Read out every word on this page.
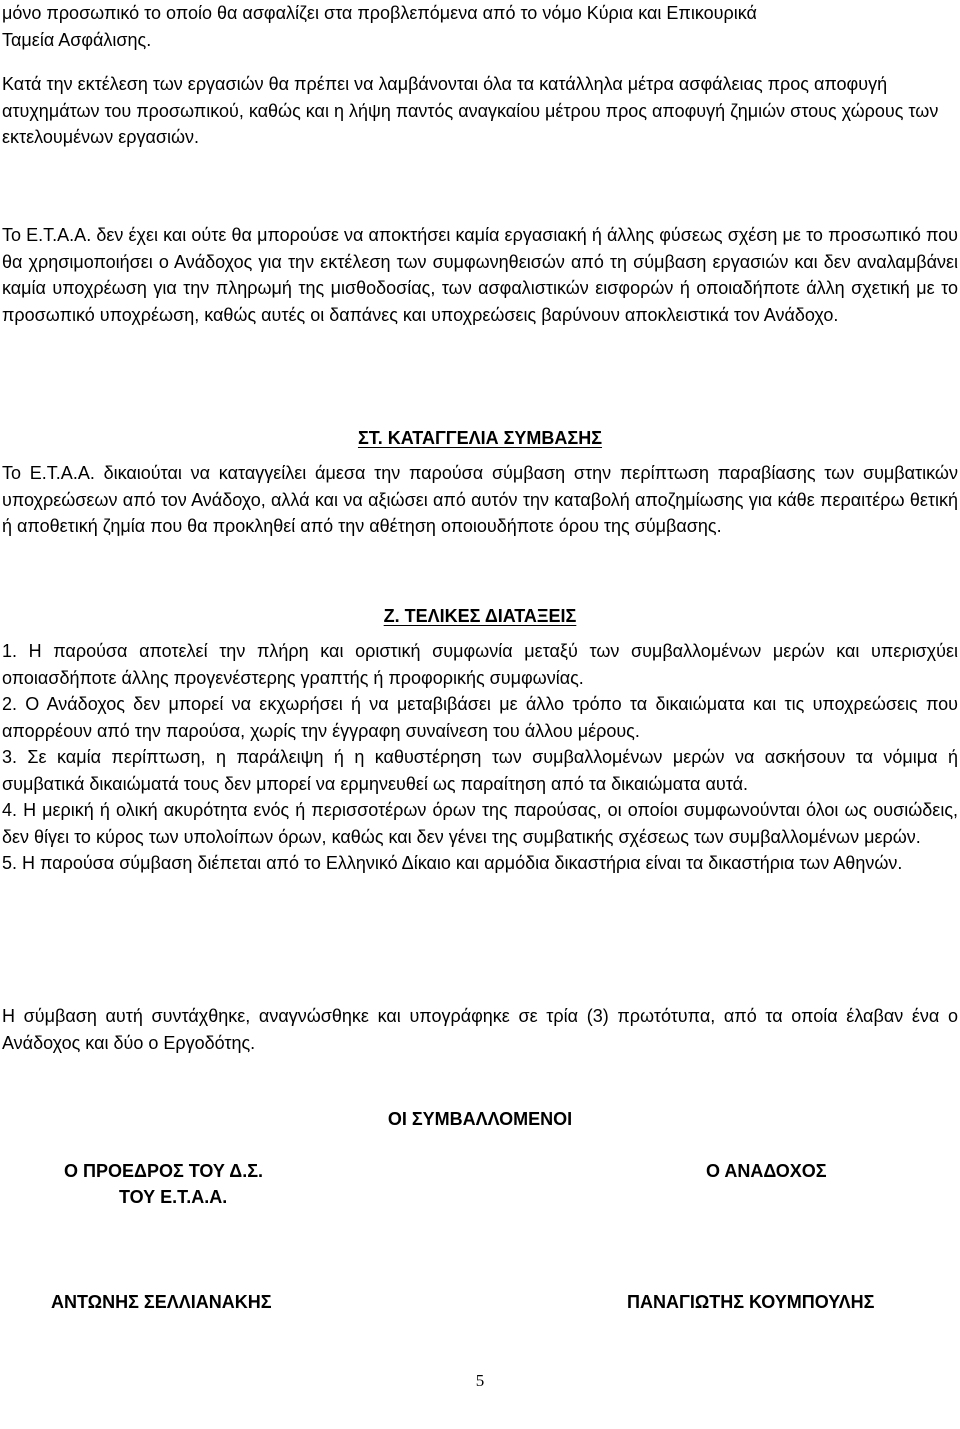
μόνο προσωπικό το οποίο θα ασφαλίζει στα προβλεπόμενα από το νόμο Κύρια και Επικουρικά
Ταμεία Ασφάλισης.

Κατά την εκτέλεση των εργασιών θα πρέπει να λαμβάνονται όλα τα κατάλληλα μέτρα ασφάλειας προς αποφυγή ατυχημάτων του προσωπικού, καθώς και η λήψη παντός αναγκαίου μέτρου προς αποφυγή ζημιών στους χώρους των εκτελουμένων εργασιών.

Το Ε.Τ.Α.Α. δεν έχει και ούτε θα μπορούσε να αποκτήσει καμία εργασιακή ή άλλης φύσεως σχέση με το προσωπικό που θα χρησιμοποιήσει ο Ανάδοχος για την εκτέλεση των συμφωνηθεισών από τη σύμβαση εργασιών και δεν αναλαμβάνει καμία υποχρέωση για την πληρωμή της μισθοδοσίας, των ασφαλιστικών εισφορών ή οποιαδήποτε άλλη σχετική με το προσωπικό υποχρέωση, καθώς αυτές οι δαπάνες και υποχρεώσεις βαρύνουν αποκλειστικά τον Ανάδοχο.

ΣΤ. ΚΑΤΑΓΓΕΛΙΑ ΣΥΜΒΑΣΗΣ

Το Ε.Τ.Α.Α. δικαιούται να καταγγείλει άμεσα την παρούσα σύμβαση στην περίπτωση παραβίασης των συμβατικών υποχρεώσεων από τον Ανάδοχο, αλλά και να αξιώσει από αυτόν την καταβολή αποζημίωσης για κάθε περαιτέρω θετική ή αποθετική ζημία που θα προκληθεί από την αθέτηση οποιουδήποτε όρου της σύμβασης.

Ζ. ΤΕΛΙΚΕΣ ΔΙΑΤΑΞΕΙΣ

1. Η παρούσα αποτελεί την πλήρη και οριστική συμφωνία μεταξύ των συμβαλλομένων μερών και υπερισχύει οποιασδήποτε άλλης προγενέστερης γραπτής ή προφορικής συμφωνίας.

2. Ο Ανάδοχος δεν μπορεί να εκχωρήσει ή να μεταβιβάσει με άλλο τρόπο τα δικαιώματα και τις υποχρεώσεις που απορρέουν από την παρούσα, χωρίς την έγγραφη συναίνεση του άλλου μέρους.

3. Σε καμία περίπτωση, η παράλειψη ή η καθυστέρηση των συμβαλλομένων μερών να ασκήσουν τα νόμιμα ή συμβατικά δικαιώματά τους δεν μπορεί να ερμηνευθεί ως παραίτηση από τα δικαιώματα αυτά.

4. Η μερική ή ολική ακυρότητα ενός ή περισσοτέρων όρων της παρούσας, οι οποίοι συμφωνούνται όλοι ως ουσιώδεις, δεν θίγει το κύρος των υπολοίπων όρων, καθώς και δεν γένει της συμβατικής σχέσεως των συμβαλλομένων μερών.

5. Η παρούσα σύμβαση διέπεται από το Ελληνικό Δίκαιο και αρμόδια δικαστήρια είναι τα δικαστήρια των Αθηνών.

Η σύμβαση αυτή συντάχθηκε, αναγνώσθηκε και υπογράφηκε σε τρία (3) πρωτότυπα, από τα οποία έλαβαν ένα ο Ανάδοχος και δύο ο Εργοδότης.

ΟΙ ΣΥΜΒΑΛΛΟΜΕΝΟΙ

Ο ΠΡΟΕΔΡΟΣ ΤΟΥ Δ.Σ.

ΤΟΥ Ε.Τ.Α.Α.

Ο ΑΝΑΔΟΧΟΣ

ΑΝΤΩΝΗΣ ΣΕΛΛΙΑΝΑΚΗΣ	ΠΑΝΑΓΙΩΤΗΣ ΚΟΥΜΠΟΥΛΗΣ

5
